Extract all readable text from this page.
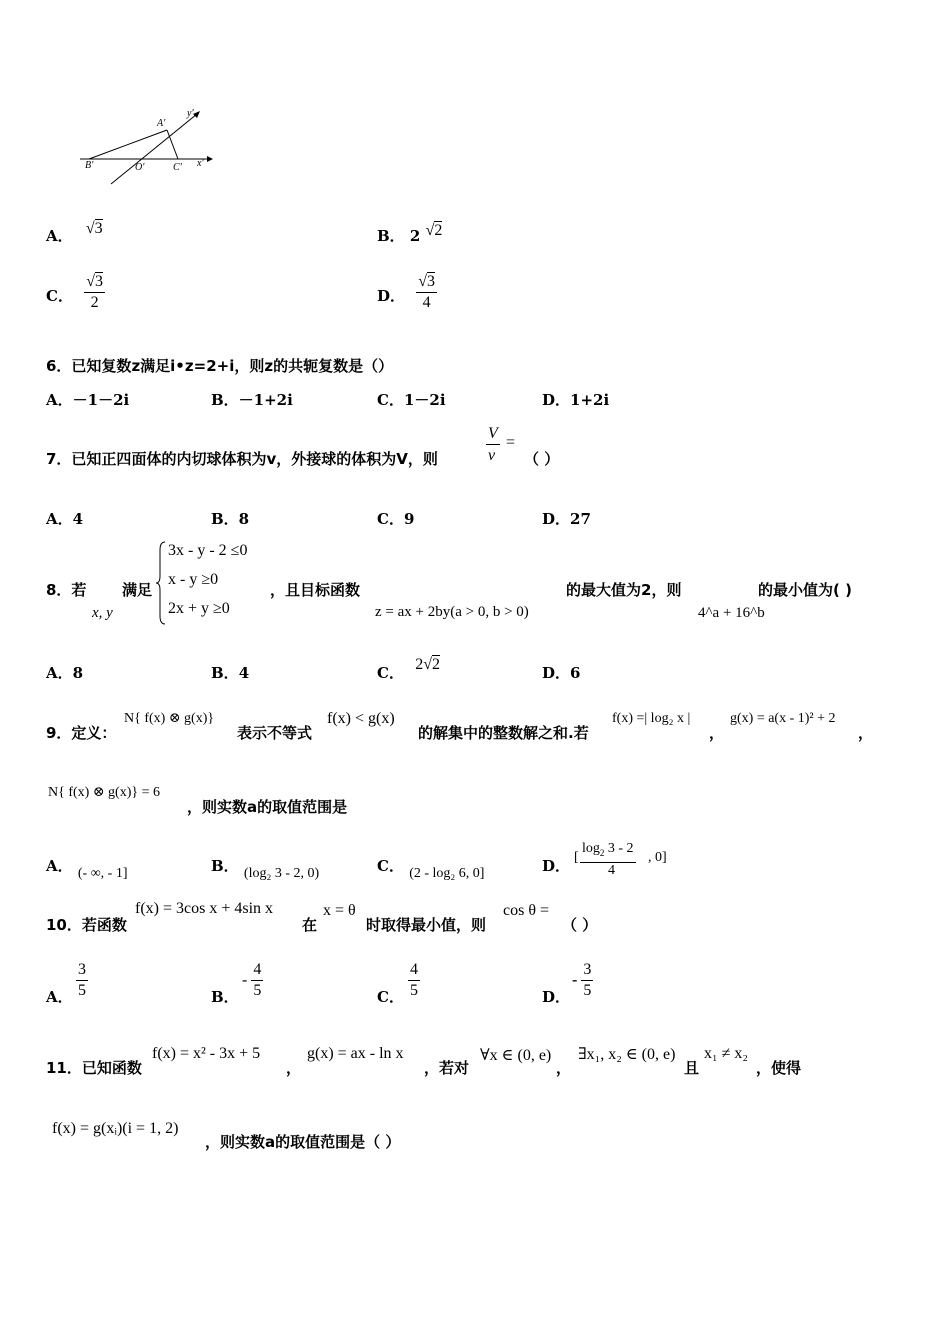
A′
B′	O′	C′ x′
y′
A． √3	B． 2 √2
C． $\frac{√3}{2}$	D． $\frac{√3}{4}$
6．已知复数z满足i•z=2+i，则z的共轭复数是（）
A．－1－2i	B．－1+2i	C．1－2i	D．1+2i
7．已知正四面体的内切球体积为v，外接球的体积为V，则
V
v
=
（ ）
A．4	B．8	C．9	D．27
8．若
x, y
满足
3x - y - 2 ≤0
x - y ≥0
2x + y ≥0
，且目标函数
z = ax + 2by(a > 0, b > 0)
的最大值为2，则
4^a + 16^b
的最小值为( )
A．8	B．4	C． 2√2	D．6
9．定义：
N{ f(x) ⊗ g(x)}
表示不等式
f(x) < g(x)
的解集中的整数解之和.若
f(x) =| log₂ x |
，
g(x) = a(x - 1)² + 2
，
N{ f(x) ⊗ g(x)} = 6
，则实数a的取值范围是
A． (- ∞, - 1]	B． (log₂ 3 - 2, 0)	C． (2 - log₂ 6, 0]	D． [
$\log_2 3 - 2$
4
, 0]
10．若函数
f(x) = 3cos x + 4sin x
在
x = θ
时取得最小值，则
cos θ =
（ ）
A． $\frac{3}{5}$	B．
- $\frac{4}{5}$	C． $\frac{4}{5}$	D．
- $\frac{3}{5}$
11．已知函数
f(x) = x² - 3x + 5
，
g(x) = ax - ln x
，若对
∀x ∈ (0, e)
，
∃x₁, x₂ ∈ (0, e)
且
x₁ ≠ x₂
，使得
f(x) = g(xᵢ)(i = 1, 2)
，则实数a的取值范围是（ ）
